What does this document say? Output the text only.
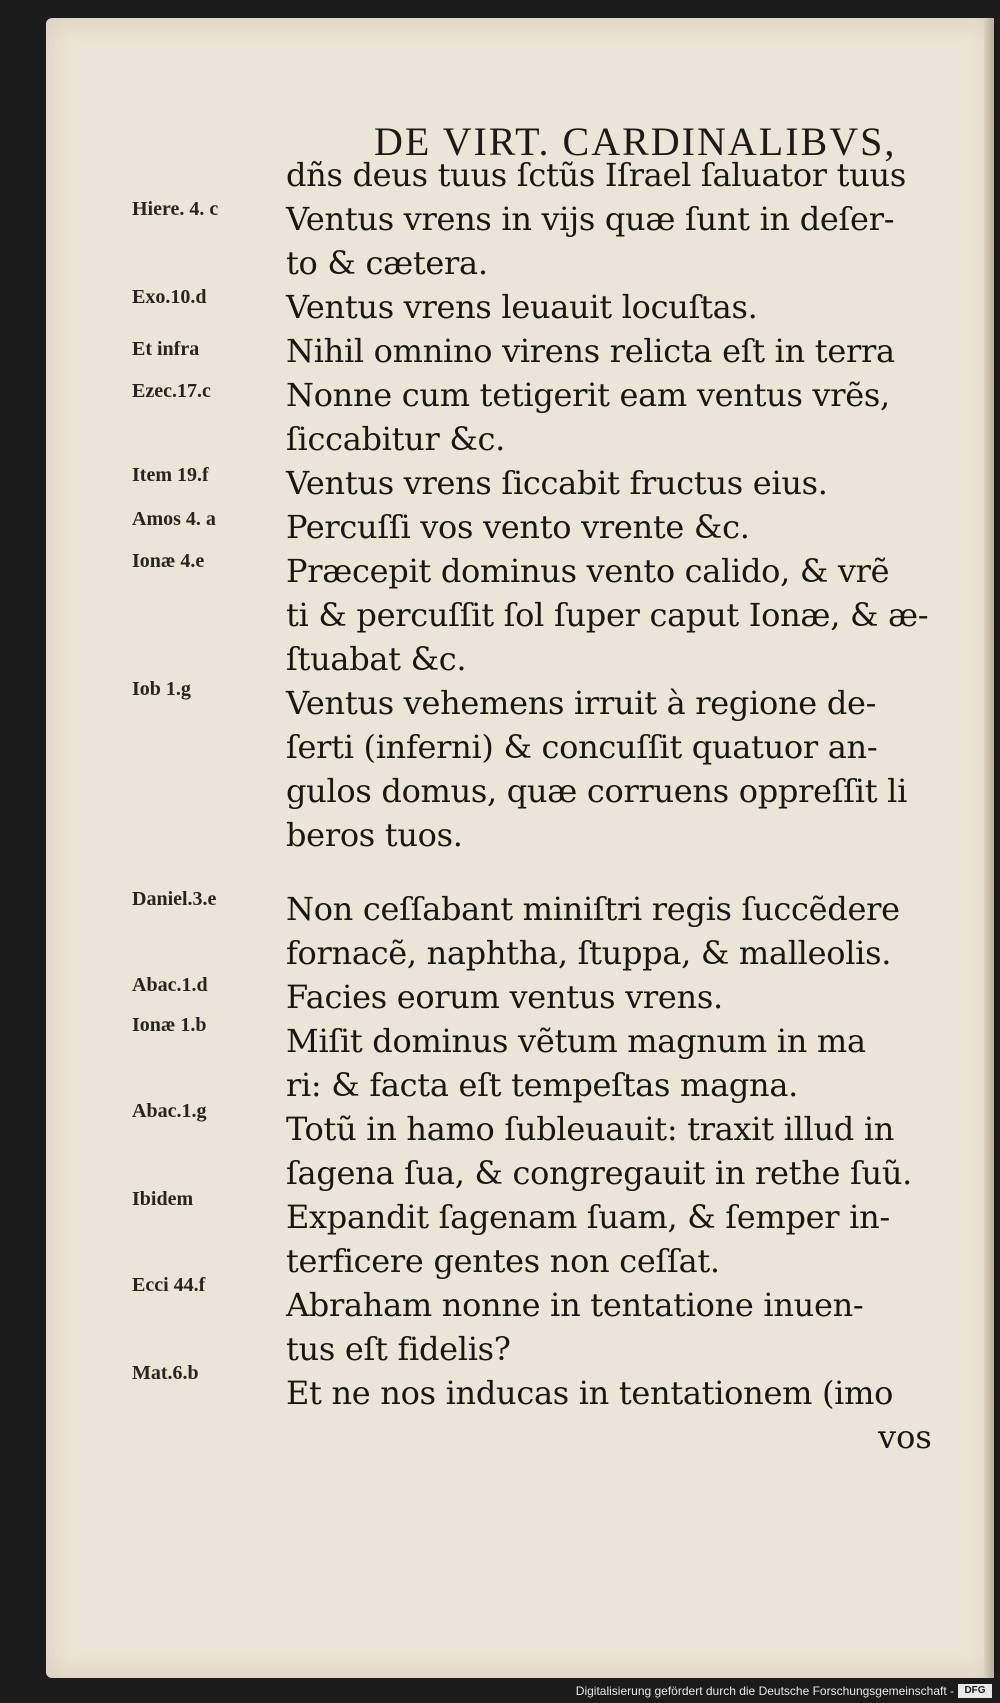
DE VIRT. CARDINALIBVS,
Hiere. 4. c
Exo.10.d
Et infra
Ezec.17.c
Item 19.f
Amos 4. a
Ionæ 4.e
Iob 1.g
Daniel.3.e
Abac.1.d
Ionæ 1.b
Abac.1.g
Ibidem
Ecci 44.f
Mat.6.b
dñs deus tuus ſctũs Iſrael ſaluator tuus
Ventus vrens in vijs quæ ſunt in deſer-
to & cætera.
Ventus vrens leuauit locuſtas.
Nihil omnino virens relicta eſt in terra
Nonne cum tetigerit eam ventus vrẽs,
ſiccabitur &c.
Ventus vrens ſiccabit fructus eius.
Percuſſi vos vento vrente &c.
Præcepit dominus vento calido, & vrẽ
ti & percuſſit ſol ſuper caput Ionæ, & æ-
ſtuabat &c.
Ventus vehemens irruit à regione de-
ſerti (inferni) & concuſſit quatuor an-
gulos domus, quæ corruens oppreſſit li
beros tuos.
Non ceſſabant miniſtri regis ſuccẽdere
fornacẽ, naphtha, ſtuppa, & malleolis.
Facies eorum ventus vrens.
Miſit dominus vẽtum magnum in ma
ri: & facta eſt tempeſtas magna.
Totũ in hamo ſubleuauit: traxit illud in
ſagena ſua, & congregauit in rethe ſuũ.
Expandit ſagenam ſuam, & ſemper in-
terficere gentes non ceſſat.
Abraham nonne in tentatione inuen-
tus eſt fidelis?
Et ne nos inducas in tentationem (imo
vos
Digitalisierung gefördert durch die Deutsche Forschungsgemeinschaft -	DFG
